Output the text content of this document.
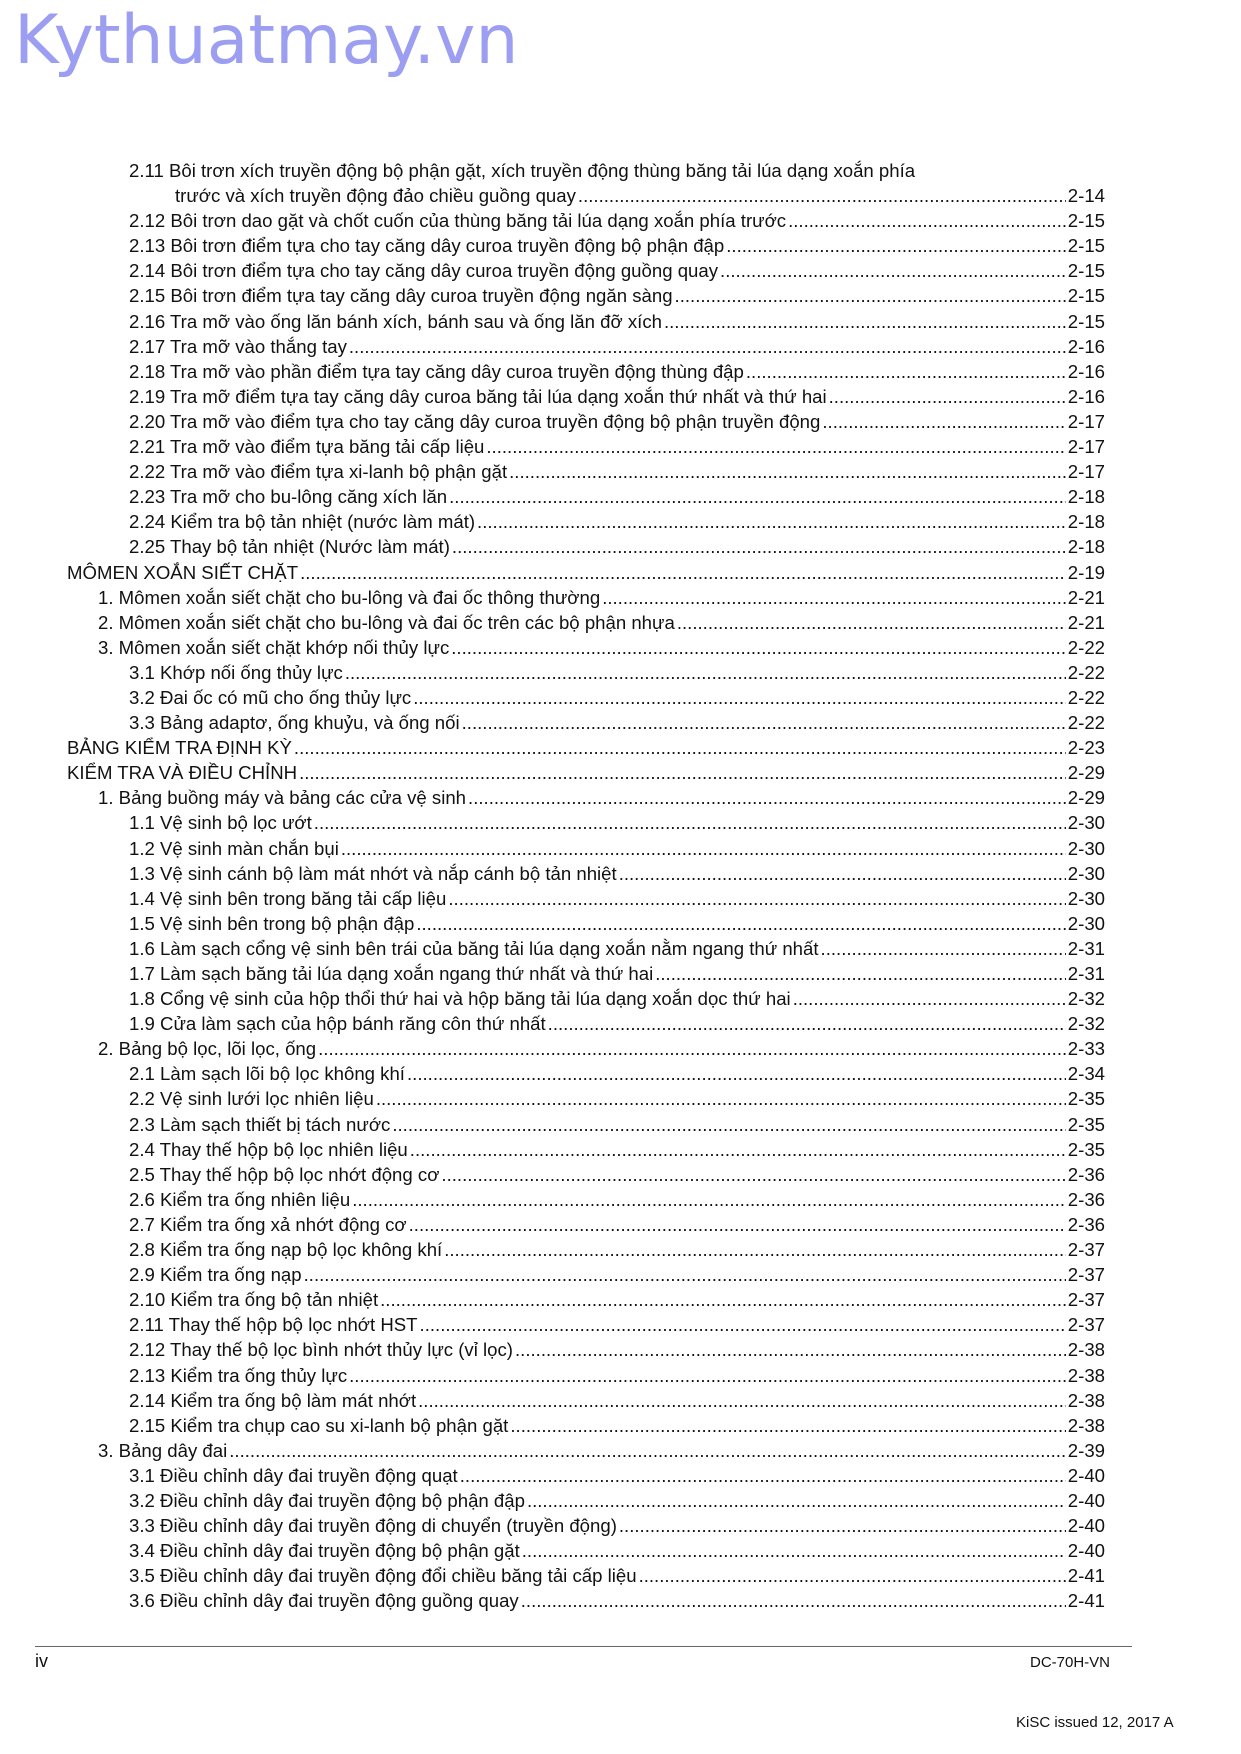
Kythuatmay.vn
2.11 Bôi trơn xích truyền động bộ phận gặt, xích truyền động thùng băng tải lúa dạng xoắn phía
trước và xích truyền động đảo chiều guồng quay .....	2-14
2.12 Bôi trơn dao gặt và chốt cuốn của thùng băng tải lúa dạng xoắn phía trước .....	2-15
2.13 Bôi trơn điểm tựa cho tay căng dây curoa truyền động bộ phận đập .....	2-15
2.14 Bôi trơn điểm tựa cho tay căng dây curoa truyền động guồng quay .....	2-15
2.15 Bôi trơn điểm tựa tay căng dây curoa truyền động ngăn sàng .....	2-15
2.16 Tra mỡ vào ống lăn bánh xích, bánh sau và ống lăn đỡ xích .....	2-15
2.17 Tra mỡ vào thắng tay .....	2-16
2.18 Tra mỡ vào phần điểm tựa tay căng dây curoa truyền động thùng đập .....	2-16
2.19 Tra mỡ điểm tựa tay căng dây curoa băng tải lúa dạng xoắn thứ nhất và thứ hai .....	2-16
2.20 Tra mỡ vào điểm tựa cho tay căng dây curoa truyền động bộ phận truyền động .....	2-17
2.21 Tra mỡ vào điểm tựa băng tải cấp liệu .....	2-17
2.22 Tra mỡ vào điểm tựa xi-lanh bộ phận gặt .....	2-17
2.23 Tra mỡ cho bu-lông căng xích lăn .....	2-18
2.24 Kiểm tra bộ tản nhiệt (nước làm mát) .....	2-18
2.25 Thay bộ tản nhiệt (Nước làm mát) .....	2-18
MÔMEN XOẮN SIẾT CHẶT .....	2-19
1. Mômen xoắn siết chặt cho bu-lông và đai ốc thông thường .....	2-21
2. Mômen xoắn siết chặt cho bu-lông và đai ốc trên các bộ phận nhựa .....	2-21
3. Mômen xoắn siết chặt khớp nối thủy lực .....	2-22
3.1 Khớp nối ống thủy lực .....	2-22
3.2 Đai ốc có mũ cho ống thủy lực .....	2-22
3.3 Bảng adaptơ, ống khuỷu, và ống nối .....	2-22
BẢNG KIỂM TRA ĐỊNH KỲ .....	2-23
KIỂM TRA VÀ ĐIỀU CHỈNH .....	2-29
1. Bảng buồng máy và bảng các cửa vệ sinh .....	2-29
1.1 Vệ sinh bộ lọc ướt .....	2-30
1.2 Vệ sinh màn chắn bụi .....	2-30
1.3 Vệ sinh cánh bộ làm mát nhớt và nắp cánh bộ tản nhiệt .....	2-30
1.4 Vệ sinh bên trong băng tải cấp liệu .....	2-30
1.5 Vệ sinh bên trong bộ phận đập .....	2-30
1.6 Làm sạch cổng vệ sinh bên trái của băng tải lúa dạng xoắn nằm ngang thứ nhất .....	2-31
1.7 Làm sạch băng tải lúa dạng xoắn ngang thứ nhất và thứ hai .....	2-31
1.8 Cổng vệ sinh của hộp thổi thứ hai và hộp băng tải lúa dạng xoắn dọc thứ hai .....	2-32
1.9 Cửa làm sạch của hộp bánh răng côn thứ nhất .....	2-32
2. Bảng bộ lọc, lõi lọc, ống .....	2-33
2.1 Làm sạch lõi bộ lọc không khí .....	2-34
2.2 Vệ sinh lưới lọc nhiên liệu .....	2-35
2.3 Làm sạch thiết bị tách nước .....	2-35
2.4 Thay thế hộp bộ lọc nhiên liệu .....	2-35
2.5 Thay thế hộp bộ lọc nhớt động cơ .....	2-36
2.6 Kiểm tra ống nhiên liệu .....	2-36
2.7 Kiểm tra ống xả nhớt động cơ .....	2-36
2.8 Kiểm tra ống nạp bộ lọc không khí .....	2-37
2.9 Kiểm tra ống nạp .....	2-37
2.10 Kiểm tra ống bộ tản nhiệt .....	2-37
2.11 Thay thế hộp bộ lọc nhớt HST .....	2-37
2.12 Thay thế bộ lọc bình nhớt thủy lực (vỉ lọc) .....	2-38
2.13 Kiểm tra ống thủy lực .....	2-38
2.14 Kiểm tra ống bộ làm mát nhớt .....	2-38
2.15 Kiểm tra chụp cao su xi-lanh bộ phận gặt .....	2-38
3. Bảng dây đai .....	2-39
3.1 Điều chỉnh dây đai truyền động quạt .....	2-40
3.2 Điều chỉnh dây đai truyền động bộ phận đập .....	2-40
3.3 Điều chỉnh dây đai truyền động di chuyển (truyền động) .....	2-40
3.4 Điều chỉnh dây đai truyền động bộ phận gặt .....	2-40
3.5 Điều chỉnh dây đai truyền động đổi chiều băng tải cấp liệu .....	2-41
3.6 Điều chỉnh dây đai truyền động guồng quay .....	2-41
iv	DC-70H-VN
KiSC issued 12, 2017 A
